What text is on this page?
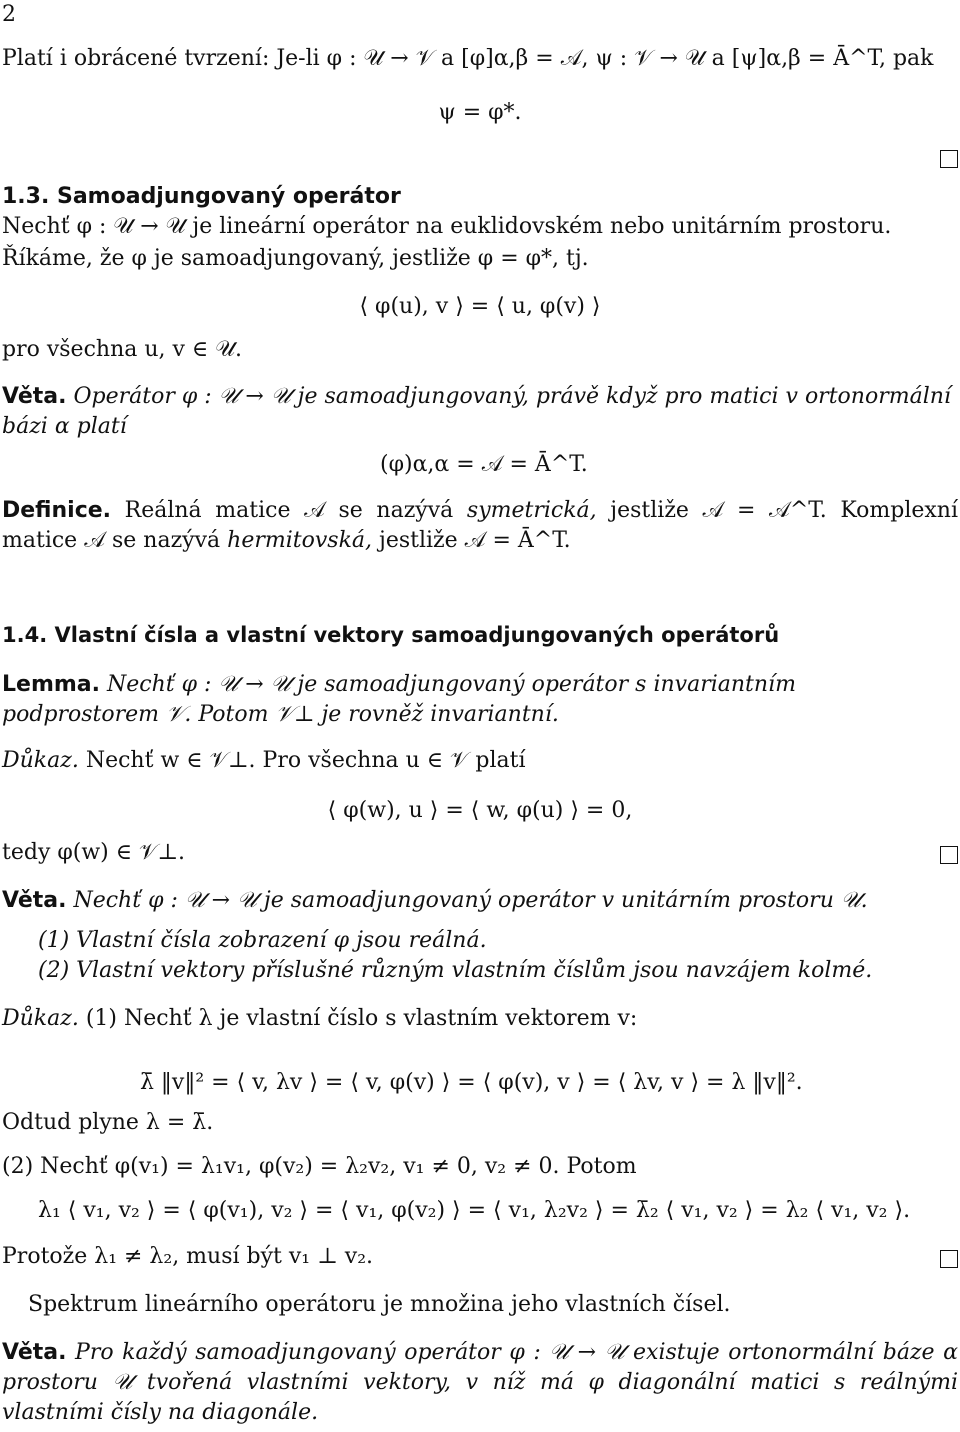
2
Platí i obrácené tvrzení: Je-li φ : 𝒰 → 𝒱 a [φ]α,β = 𝒜, ψ : 𝒱 → 𝒰 a [ψ]α,β = Ā^T, pak
ψ = φ*.
1.3. Samoadjungovaný operátor
Nechť φ : 𝒰 → 𝒰 je lineární operátor na euklidovském nebo unitárním prostoru.
Říkáme, že φ je samoadjungovaný, jestliže φ = φ*, tj.
⟨ φ(u), v ⟩ = ⟨ u, φ(v) ⟩
pro všechna u, v ∈ 𝒰.
Věta. Operátor φ : 𝒰 → 𝒰 je samoadjungovaný, právě když pro matici v ortonormální bázi α platí
(φ)α,α = 𝒜 = Ā^T.
Definice. Reálná matice 𝒜 se nazývá symetrická, jestliže 𝒜 = 𝒜^T. Komplexní matice 𝒜 se nazývá hermitovská, jestliže 𝒜 = Ā^T.
1.4. Vlastní čísla a vlastní vektory samoadjungovaných operátorů
Lemma. Nechť φ : 𝒰 → 𝒰 je samoadjungovaný operátor s invariantním podprostorem 𝒱. Potom 𝒱⊥ je rovněž invariantní.
Důkaz. Nechť w ∈ 𝒱⊥. Pro všechna u ∈ 𝒱 platí
⟨ φ(w), u ⟩ = ⟨ w, φ(u) ⟩ = 0,
tedy φ(w) ∈ 𝒱⊥.
Věta. Nechť φ : 𝒰 → 𝒰 je samoadjungovaný operátor v unitárním prostoru 𝒰.
(1) Vlastní čísla zobrazení φ jsou reálná.
(2) Vlastní vektory příslušné různým vlastním číslům jsou navzájem kolmé.
Důkaz. (1) Nechť λ je vlastní číslo s vlastním vektorem v:
λ̄ ‖v‖² = ⟨ v, λv ⟩ = ⟨ v, φ(v) ⟩ = ⟨ φ(v), v ⟩ = ⟨ λv, v ⟩ = λ ‖v‖².
Odtud plyne λ = λ̄.
(2) Nechť φ(v₁) = λ₁v₁, φ(v₂) = λ₂v₂, v₁ ≠ 0, v₂ ≠ 0. Potom
λ₁ ⟨ v₁, v₂ ⟩ = ⟨ φ(v₁), v₂ ⟩ = ⟨ v₁, φ(v₂) ⟩ = ⟨ v₁, λ₂v₂ ⟩ = λ̄₂ ⟨ v₁, v₂ ⟩ = λ₂ ⟨ v₁, v₂ ⟩.
Protože λ₁ ≠ λ₂, musí být v₁ ⊥ v₂.
Spektrum lineárního operátoru je množina jeho vlastních čísel.
Věta. Pro každý samoadjungovaný operátor φ : 𝒰 → 𝒰 existuje ortonormální báze α prostoru 𝒰 tvořená vlastními vektory, v níž má φ diagonální matici s reálnými vlastními čísly na diagonále.
